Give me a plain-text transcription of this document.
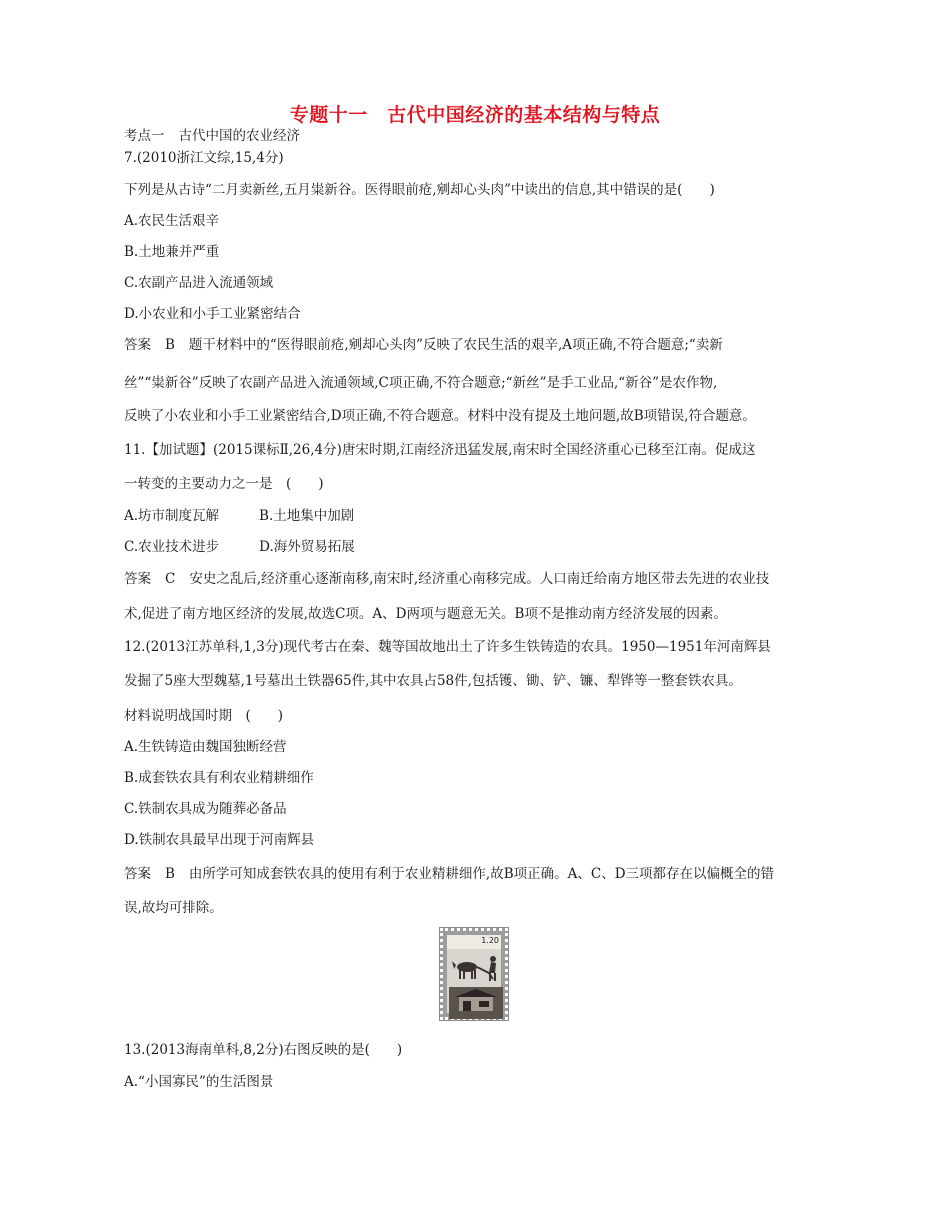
专题十一　古代中国经济的基本结构与特点
考点一 古代中国的农业经济
7.(2010浙江文综,15,4分)
下列是从古诗“二月卖新丝,五月粜新谷。医得眼前疮,剜却心头肉”中读出的信息,其中错误的是(　　)
A.农民生活艰辛
B.土地兼并严重
C.农副产品进入流通领域
D.小农业和小手工业紧密结合
答案 B 题干材料中的“医得眼前疮,剜却心头肉”反映了农民生活的艰辛,A项正确,不符合题意;“卖新
丝”“粜新谷”反映了农副产品进入流通领域,C项正确,不符合题意;“新丝”是手工业品,“新谷”是农作物,
反映了小农业和小手工业紧密结合,D项正确,不符合题意。材料中没有提及土地问题,故B项错误,符合题意。
11.【加试题】(2015课标Ⅱ,26,4分)唐宋时期,江南经济迅猛发展,南宋时全国经济重心已移至江南。促成这
一转变的主要动力之一是　(　　)
A.坊市制度瓦解	B.土地集中加剧
C.农业技术进步	D.海外贸易拓展
答案 C 安史之乱后,经济重心逐渐南移,南宋时,经济重心南移完成。人口南迁给南方地区带去先进的农业技
术,促进了南方地区经济的发展,故选C项。A、D两项与题意无关。B项不是推动南方经济发展的因素。
12.(2013江苏单科,1,3分)现代考古在秦、魏等国故地出土了许多生铁铸造的农具。1950—1951年河南辉县
发掘了5座大型魏墓,1号墓出土铁器65件,其中农具占58件,包括镬、锄、铲、镰、犁铧等一整套铁农具。
材料说明战国时期　(　　)
A.生铁铸造由魏国独断经营
B.成套铁农具有利农业精耕细作
C.铁制农具成为随葬必备品
D.铁制农具最早出现于河南辉县
答案 B 由所学可知成套铁农具的使用有利于农业精耕细作,故B项正确。A、C、D三项都存在以偏概全的错
误,故均可排除。
1.20
13.(2013海南单科,8,2分)右图反映的是(　　)
A.“小国寡民”的生活图景
